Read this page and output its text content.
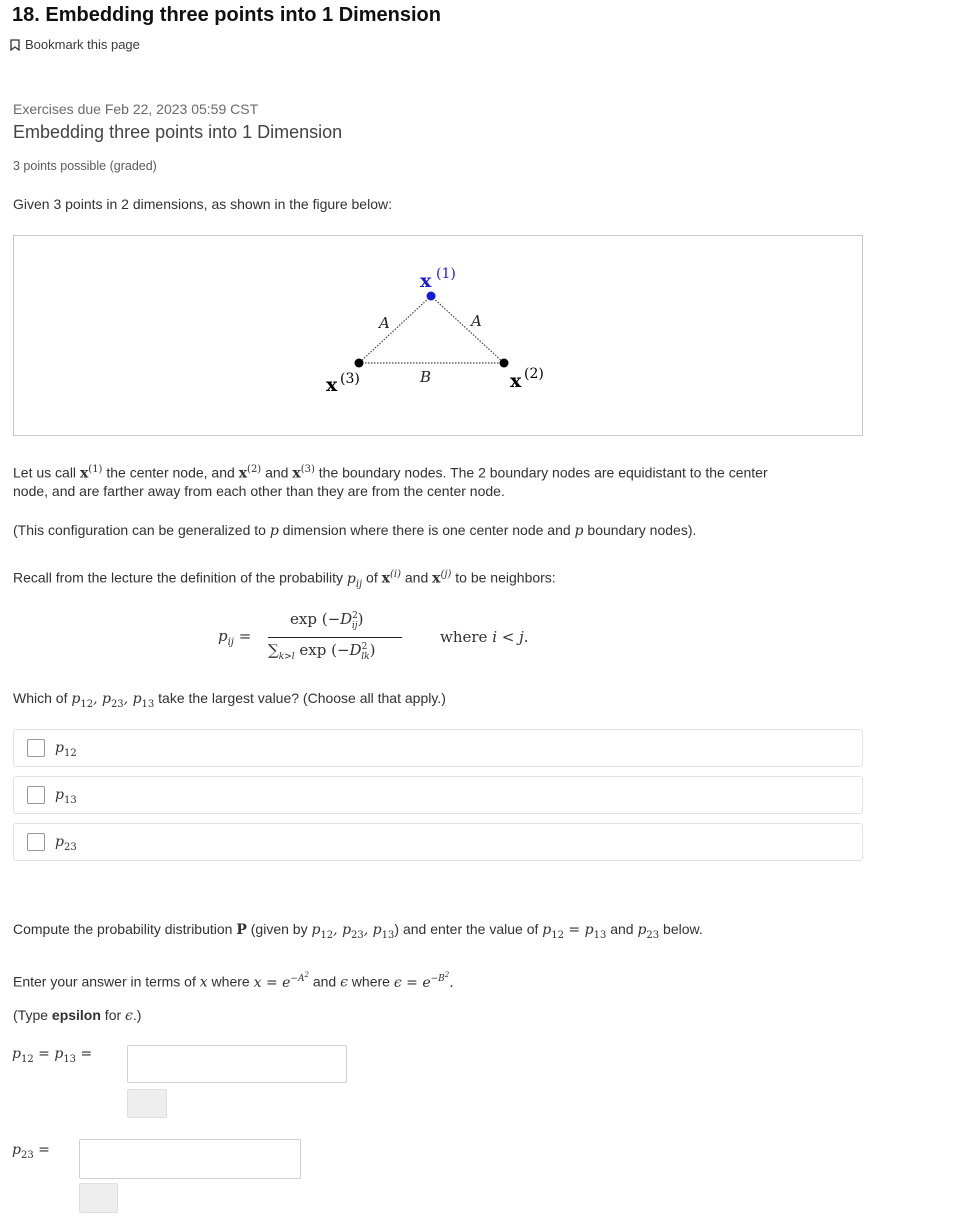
18. Embedding three points into 1 Dimension
Bookmark this page
Exercises due Feb 22, 2023 05:59 CST
Embedding three points into 1 Dimension
3 points possible (graded)
Given 3 points in 2 dimensions, as shown in the figure below:
x (1)
x (3)	x (2)
A	A
B
Let us call $x^{(1)}$ the center node, and $x^{(2)}$ and $x^{(3)}$ the boundary nodes. The 2 boundary nodes are equidistant to the center
node, and are farther away from each other than they are from the center node.
(This configuration can be generalized to p dimension where there is one center node and p boundary nodes).
Recall from the lecture the definition of the probability $p_{ij}$ of $x^{(i)}$ and $x^{(j)}$ to be neighbors:
$p_{ij}$ =
$\exp (-D^2_{ij})$
$\sum_{k>l}$ $\exp (-D^2_{lk})$
where i < j.
Which of $p_{12}$, $p_{23}$, $p_{13}$ take the largest value? (Choose all that apply.)
$p_{12}$
$p_{13}$
$p_{23}$
Compute the probability distribution P (given by $p_{12}$, $p_{23}$, $p_{13}$) and enter the value of $p_{12} = p_{13}$ and $p_{23}$ below.
Enter your answer in terms of x where $x = e^{-A^2}$ and ϵ where $\epsilon = e^{-B^2}$.
(Type epsilon for ϵ.)
$p_{12} = p_{13}$ =
$p_{23}$ =
